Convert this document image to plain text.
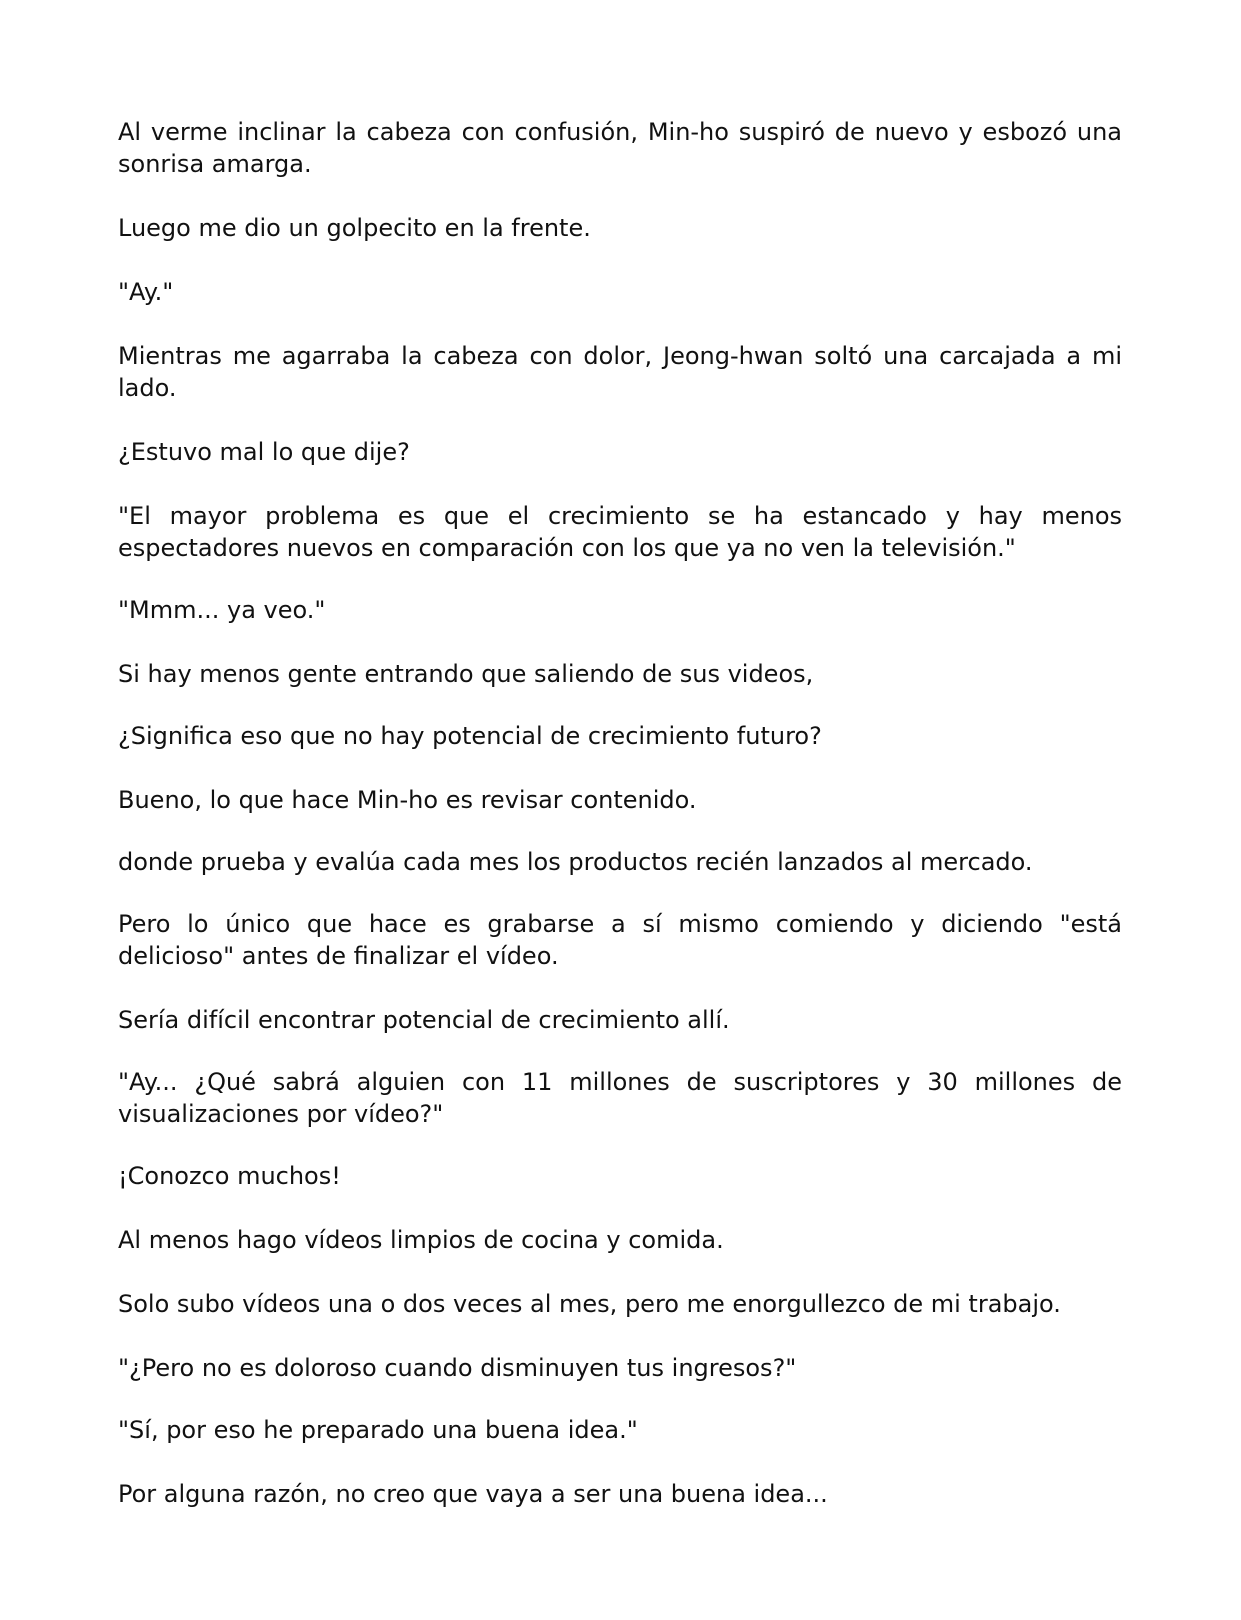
Al verme inclinar la cabeza con confusión, Min-ho suspiró de nuevo y esbozó una sonrisa amarga.

Luego me dio un golpecito en la frente.

"Ay."

Mientras me agarraba la cabeza con dolor, Jeong-hwan soltó una carcajada a mi lado.

¿Estuvo mal lo que dije?

"El mayor problema es que el crecimiento se ha estancado y hay menos espectadores nuevos en comparación con los que ya no ven la televisión."

"Mmm... ya veo."

Si hay menos gente entrando que saliendo de sus videos,

¿Significa eso que no hay potencial de crecimiento futuro?

Bueno, lo que hace Min-ho es revisar contenido.

donde prueba y evalúa cada mes los productos recién lanzados al mercado.

Pero lo único que hace es grabarse a sí mismo comiendo y diciendo "está delicioso" antes de finalizar el vídeo.

Sería difícil encontrar potencial de crecimiento allí.

"Ay... ¿Qué sabrá alguien con 11 millones de suscriptores y 30 millones de visualizaciones por vídeo?"

¡Conozco muchos!

Al menos hago vídeos limpios de cocina y comida.

Solo subo vídeos una o dos veces al mes, pero me enorgullezco de mi trabajo.

"¿Pero no es doloroso cuando disminuyen tus ingresos?"

"Sí, por eso he preparado una buena idea."

Por alguna razón, no creo que vaya a ser una buena idea...
